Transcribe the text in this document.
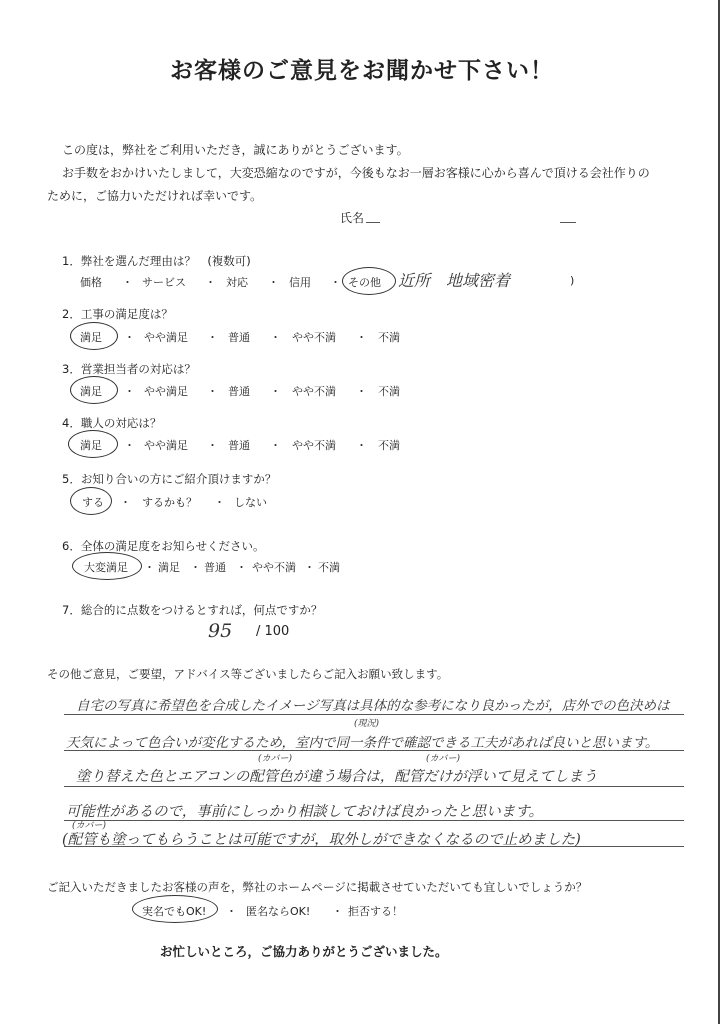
お客様のご意見をお聞かせ下さい！
この度は，弊社をご利用いただき，誠にありがとうございます。
お手数をおかけいたしまして，大変恐縮なのですが，今後もなお一層お客様に心から喜んで頂ける会社作りの
ために，ご協力いただければ幸いです。
氏名
1．弊社を選んだ理由は？　(複数可)
価格 ・ サービス ・ 対応 ・ 信用 ・ その他 近所　地域密着	)
2．工事の満足度は？
満足 ・ やや満足 ・ 普通 ・ やや不満 ・ 不満
3．営業担当者の対応は？
満足 ・ やや満足 ・ 普通 ・ やや不満 ・ 不満
4．職人の対応は？
満足 ・ やや満足 ・ 普通 ・ やや不満 ・ 不満
5．お知り合いの方にご紹介頂けますか？
する ・ するかも？ ・ しない
6．全体の満足度をお知らせください。
大変満足 ・ 満足 ・ 普通 ・ やや不満 ・ 不満
7．総合的に点数をつけるとすれば，何点ですか？
95 / 100
その他ご意見，ご要望，アドバイス等ございましたらご記入お願い致します。
自宅の写真に希望色を合成したイメージ写真は具体的な参考になり良かったが，店外での色決めは
(現況)
天気によって色合いが変化するため，室内で同一条件で確認できる工夫があれば良いと思います。
(カバー)	(カバー)
塗り替えた色とエアコンの配管色が違う場合は，配管だけが浮いて見えてしまう
可能性があるので，事前にしっかり相談しておけば良かったと思います。
(カバー)
(配管も塗ってもらうことは可能ですが，取外しができなくなるので止めました)
ご記入いただきましたお客様の声を，弊社のホームページに掲載させていただいても宜しいでしょうか？
実名でもOK! ・ 匿名ならOK! ・ 拒否する！
お忙しいところ，ご協力ありがとうございました。
